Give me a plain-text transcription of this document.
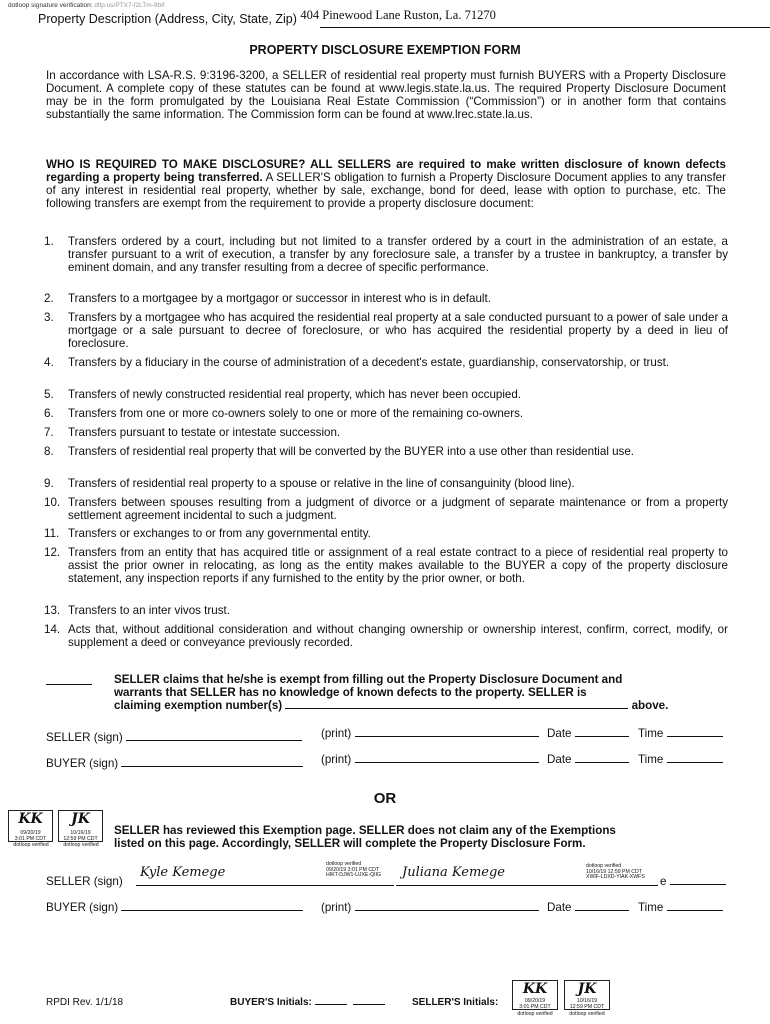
dotloop signature verification: dtlp.us/PTX7-f2LTm-9bIf
Property Description (Address, City, State, Zip) 404 Pinewood Lane Ruston, La. 71270
PROPERTY DISCLOSURE EXEMPTION FORM
In accordance with LSA-R.S. 9:3196-3200, a SELLER of residential real property must furnish BUYERS with a Property Disclosure Document. A complete copy of these statutes can be found at www.legis.state.la.us. The required Property Disclosure Document may be in the form promulgated by the Louisiana Real Estate Commission (“Commission”) or in another form that contains substantially the same information. The Commission form can be found at www.lrec.state.la.us.
WHO IS REQUIRED TO MAKE DISCLOSURE? ALL SELLERS are required to make written disclosure of known defects regarding a property being transferred. A SELLER'S obligation to furnish a Property Disclosure Document applies to any transfer of any interest in residential real property, whether by sale, exchange, bond for deed, lease with option to purchase, etc. The following transfers are exempt from the requirement to provide a property disclosure document:
1. Transfers ordered by a court, including but not limited to a transfer ordered by a court in the administration of an estate, a transfer pursuant to a writ of execution, a transfer by any foreclosure sale, a transfer by a trustee in bankruptcy, a transfer by eminent domain, and any transfer resulting from a decree of specific performance.
2. Transfers to a mortgagee by a mortgagor or successor in interest who is in default.
3. Transfers by a mortgagee who has acquired the residential real property at a sale conducted pursuant to a power of sale under a mortgage or a sale pursuant to decree of foreclosure, or who has acquired the residential property by a deed in lieu of foreclosure.
4. Transfers by a fiduciary in the course of administration of a decedent's estate, guardianship, conservatorship, or trust.
5. Transfers of newly constructed residential real property, which has never been occupied.
6. Transfers from one or more co-owners solely to one or more of the remaining co-owners.
7. Transfers pursuant to testate or intestate succession.
8. Transfers of residential real property that will be converted by the BUYER into a use other than residential use.
9. Transfers of residential real property to a spouse or relative in the line of consanguinity (blood line).
10. Transfers between spouses resulting from a judgment of divorce or a judgment of separate maintenance or from a property settlement agreement incidental to such a judgment.
11. Transfers or exchanges to or from any governmental entity.
12. Transfers from an entity that has acquired title or assignment of a real estate contract to a piece of residential real property to assist the prior owner in relocating, as long as the entity makes available to the BUYER a copy of the property disclosure statement, any inspection reports if any furnished to the entity by the prior owner, or both.
13. Transfers to an inter vivos trust.
14. Acts that, without additional consideration and without changing ownership or ownership interest, confirm, correct, modify, or supplement a deed or conveyance previously recorded.
SELLER claims that he/she is exempt from filling out the Property Disclosure Document and
warrants that SELLER has no knowledge of known defects to the property. SELLER is
claiming exemption number(s)	above.
SELLER (sign)	(print)	Date	Time
BUYER (sign)	(print)	Date	Time
OR
KK
09/20/19
3:01 PM CDT
JK
10/16/19
12:59 PM CDT
dotloop verified	dotloop verified
SELLER has reviewed this Exemption page. SELLER does not claim any of the Exemptions
listed on this page. Accordingly, SELLER will complete the Property Disclosure Form.
SELLER (sign)
Kyle Kemege
dotloop verified
09/20/19 3:01 PM CDT
HIKT-DJW1-UJXE-QIIG	Juliana Kemege	dotloop verified
10/16/19 12:59 PM CDT
XWIF-LDXD-YIAK-XWFS	e
BUYER (sign)	(print)	Date	Time
RPDI Rev. 1/1/18	BUYER'S Initials:	SELLER'S Initials:
KK
09/20/19
3:01 PM CDT
JK
10/16/19
12:59 PM CDT
dotloop verified	dotloop verified
